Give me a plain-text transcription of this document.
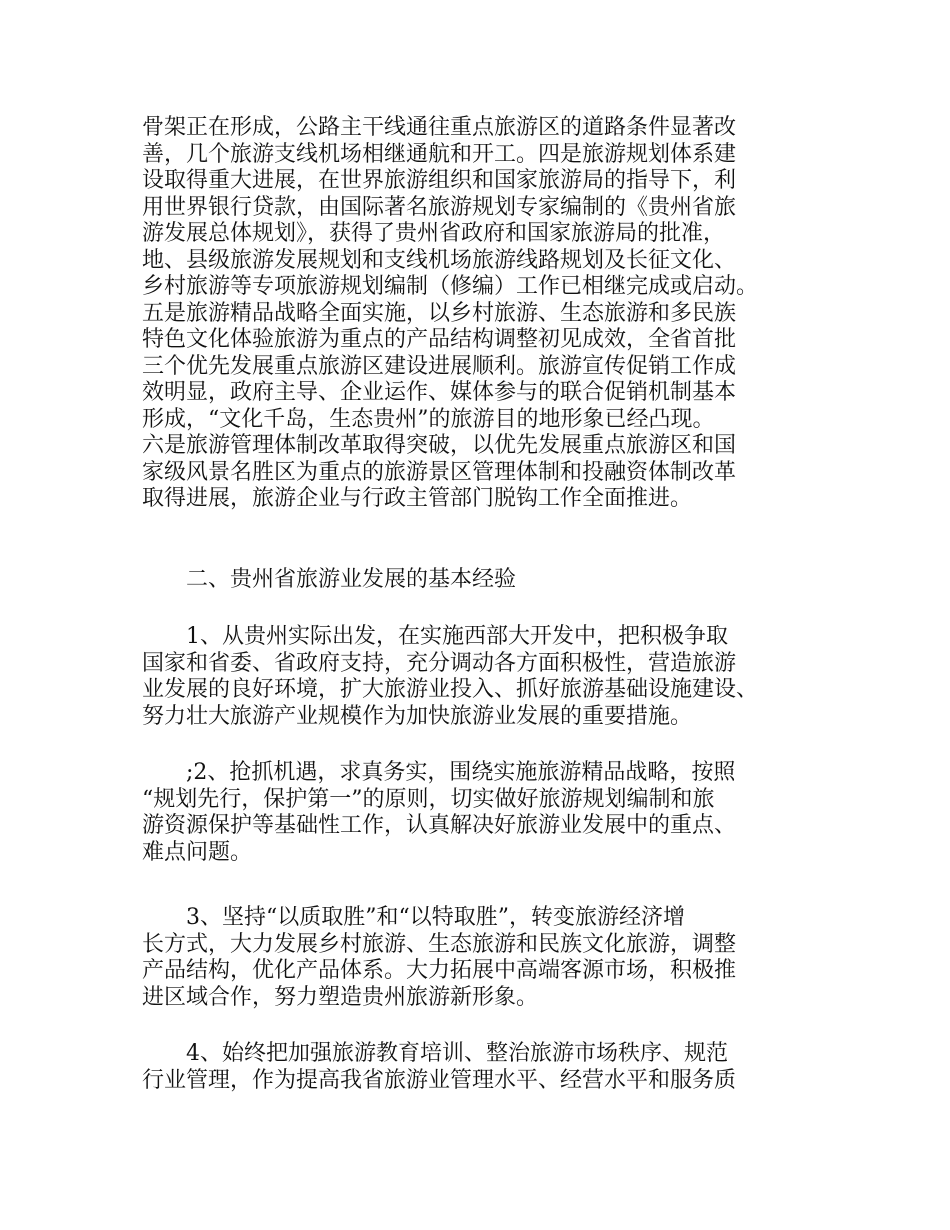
骨架正在形成，公路主干线通往重点旅游区的道路条件显著改
善，几个旅游支线机场相继通航和开工。四是旅游规划体系建
设取得重大进展，在世界旅游组织和国家旅游局的指导下，利
用世界银行贷款，由国际著名旅游规划专家编制的《贵州省旅
游发展总体规划》，获得了贵州省政府和国家旅游局的批准，
地、县级旅游发展规划和支线机场旅游线路规划及长征文化、
乡村旅游等专项旅游规划编制（修编）工作已相继完成或启动。
五是旅游精品战略全面实施，以乡村旅游、生态旅游和多民族
特色文化体验旅游为重点的产品结构调整初见成效，全省首批
三个优先发展重点旅游区建设进展顺利。旅游宣传促销工作成
效明显，政府主导、企业运作、媒体参与的联合促销机制基本
形成，“文化千岛，生态贵州”的旅游目的地形象已经凸现。
六是旅游管理体制改革取得突破，以优先发展重点旅游区和国
家级风景名胜区为重点的旅游景区管理体制和投融资体制改革
取得进展，旅游企业与行政主管部门脱钩工作全面推进。
　　二、贵州省旅游业发展的基本经验
　　1、从贵州实际出发，在实施西部大开发中，把积极争取
国家和省委、省政府支持，充分调动各方面积极性，营造旅游
业发展的良好环境，扩大旅游业投入、抓好旅游基础设施建设、
努力壮大旅游产业规模作为加快旅游业发展的重要措施。
　　;2、抢抓机遇，求真务实，围绕实施旅游精品战略，按照
“规划先行，保护第一”的原则，切实做好旅游规划编制和旅
游资源保护等基础性工作，认真解决好旅游业发展中的重点、
难点问题。
　　3、坚持“以质取胜”和“以特取胜”，转变旅游经济增
长方式，大力发展乡村旅游、生态旅游和民族文化旅游，调整
产品结构，优化产品体系。大力拓展中高端客源市场，积极推
进区域合作，努力塑造贵州旅游新形象。
　　4、始终把加强旅游教育培训、整治旅游市场秩序、规范
行业管理，作为提高我省旅游业管理水平、经营水平和服务质
